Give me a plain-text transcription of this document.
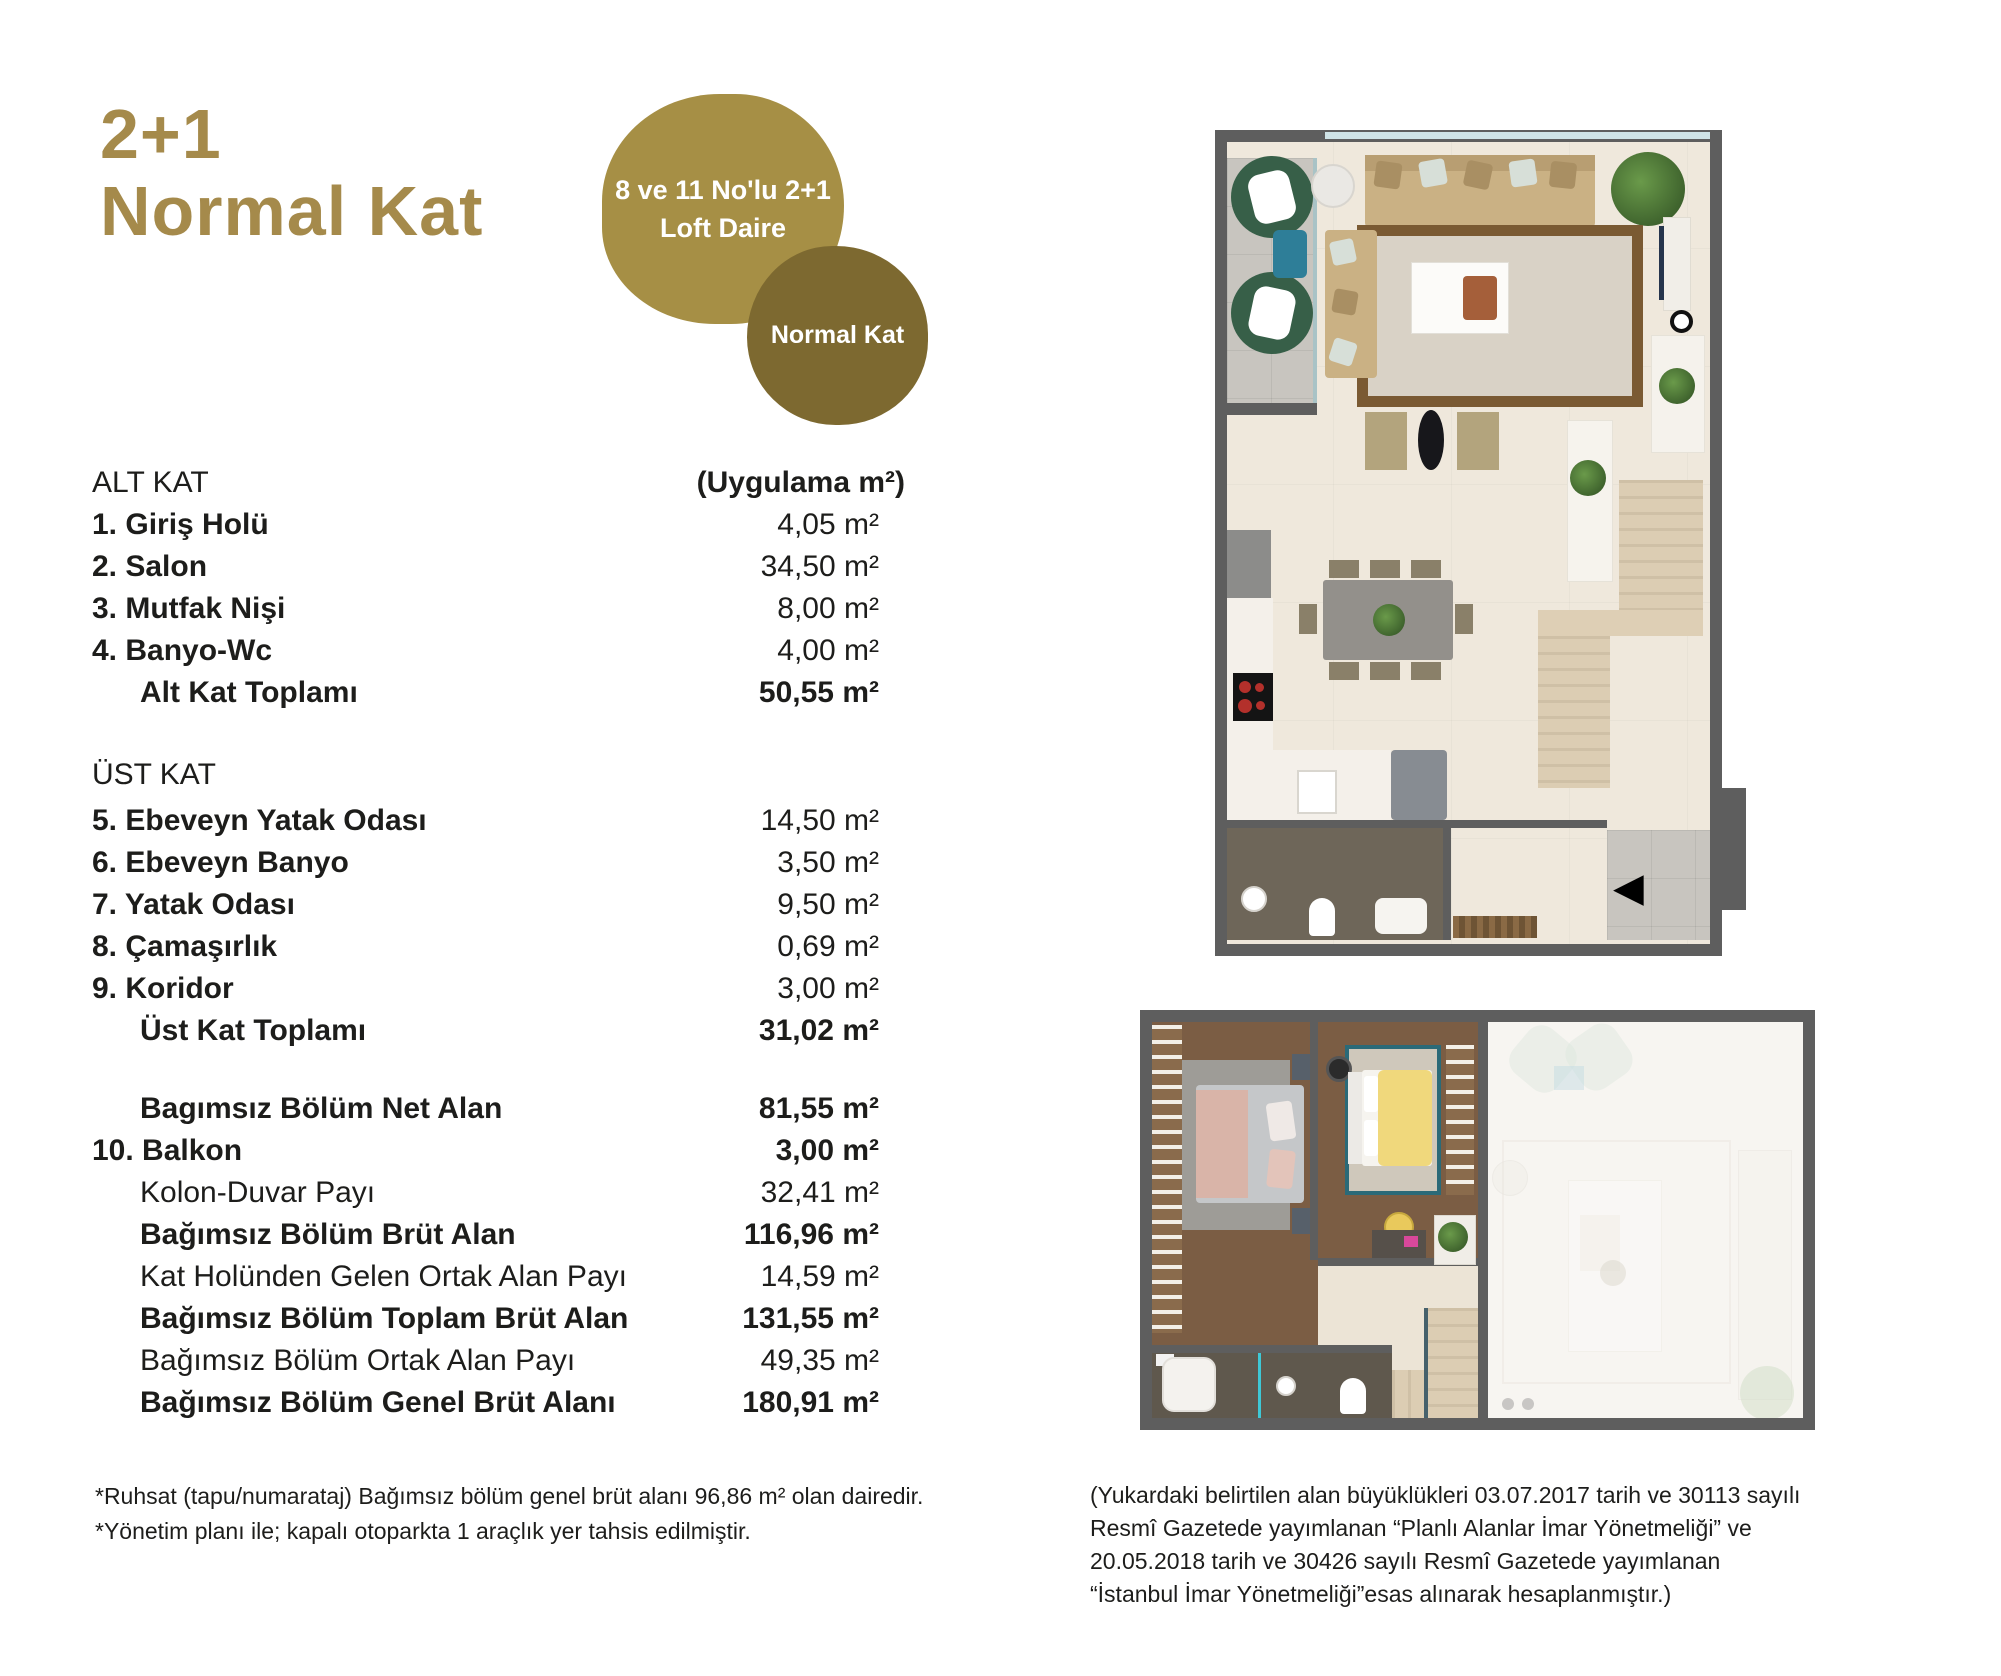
2+1
Normal Kat	8 ve 11 No'lu 2+1
Loft Daire
Normal Kat
ALT KAT	(Uygulama m²)
1. Giriş Holü	4,05 m²
2. Salon	34,50 m²
3. Mutfak Nişi	8,00 m²
4. Banyo-Wc	4,00 m²
Alt Kat Toplamı	50,55 m²
ÜST KAT
5. Ebeveyn Yatak Odası	14,50 m²
6. Ebeveyn Banyo	3,50 m²
7. Yatak Odası	9,50 m²
8. Çamaşırlık	0,69 m²
9. Koridor	3,00 m²
Üst Kat Toplamı	31,02 m²
Bagımsız Bölüm Net Alan	81,55 m²
10. Balkon	3,00 m²
Kolon-Duvar Payı	32,41 m²
Bağımsız Bölüm Brüt Alan	116,96 m²
Kat Holünden Gelen Ortak Alan Payı	14,59 m²
Bağımsız Bölüm Toplam Brüt Alan	131,55 m²
Bağımsız Bölüm Ortak Alan Payı	49,35 m²
Bağımsız Bölüm Genel Brüt Alanı	180,91 m²
*Ruhsat (tapu/numarataj) Bağımsız bölüm genel brüt alanı 96,86 m² olan dairedir.
*Yönetim planı ile; kapalı otoparkta 1 araçlık yer tahsis edilmiştir.
(Yukardaki belirtilen alan büyüklükleri 03.07.2017 tarih ve 30113 sayılı
Resmî Gazetede yayımlanan “Planlı Alanlar İmar Yönetmeliği” ve
20.05.2018 tarih ve 30426 sayılı Resmî Gazetede yayımlanan
“İstanbul İmar Yönetmeliği”esas alınarak hesaplanmıştır.)
◀
